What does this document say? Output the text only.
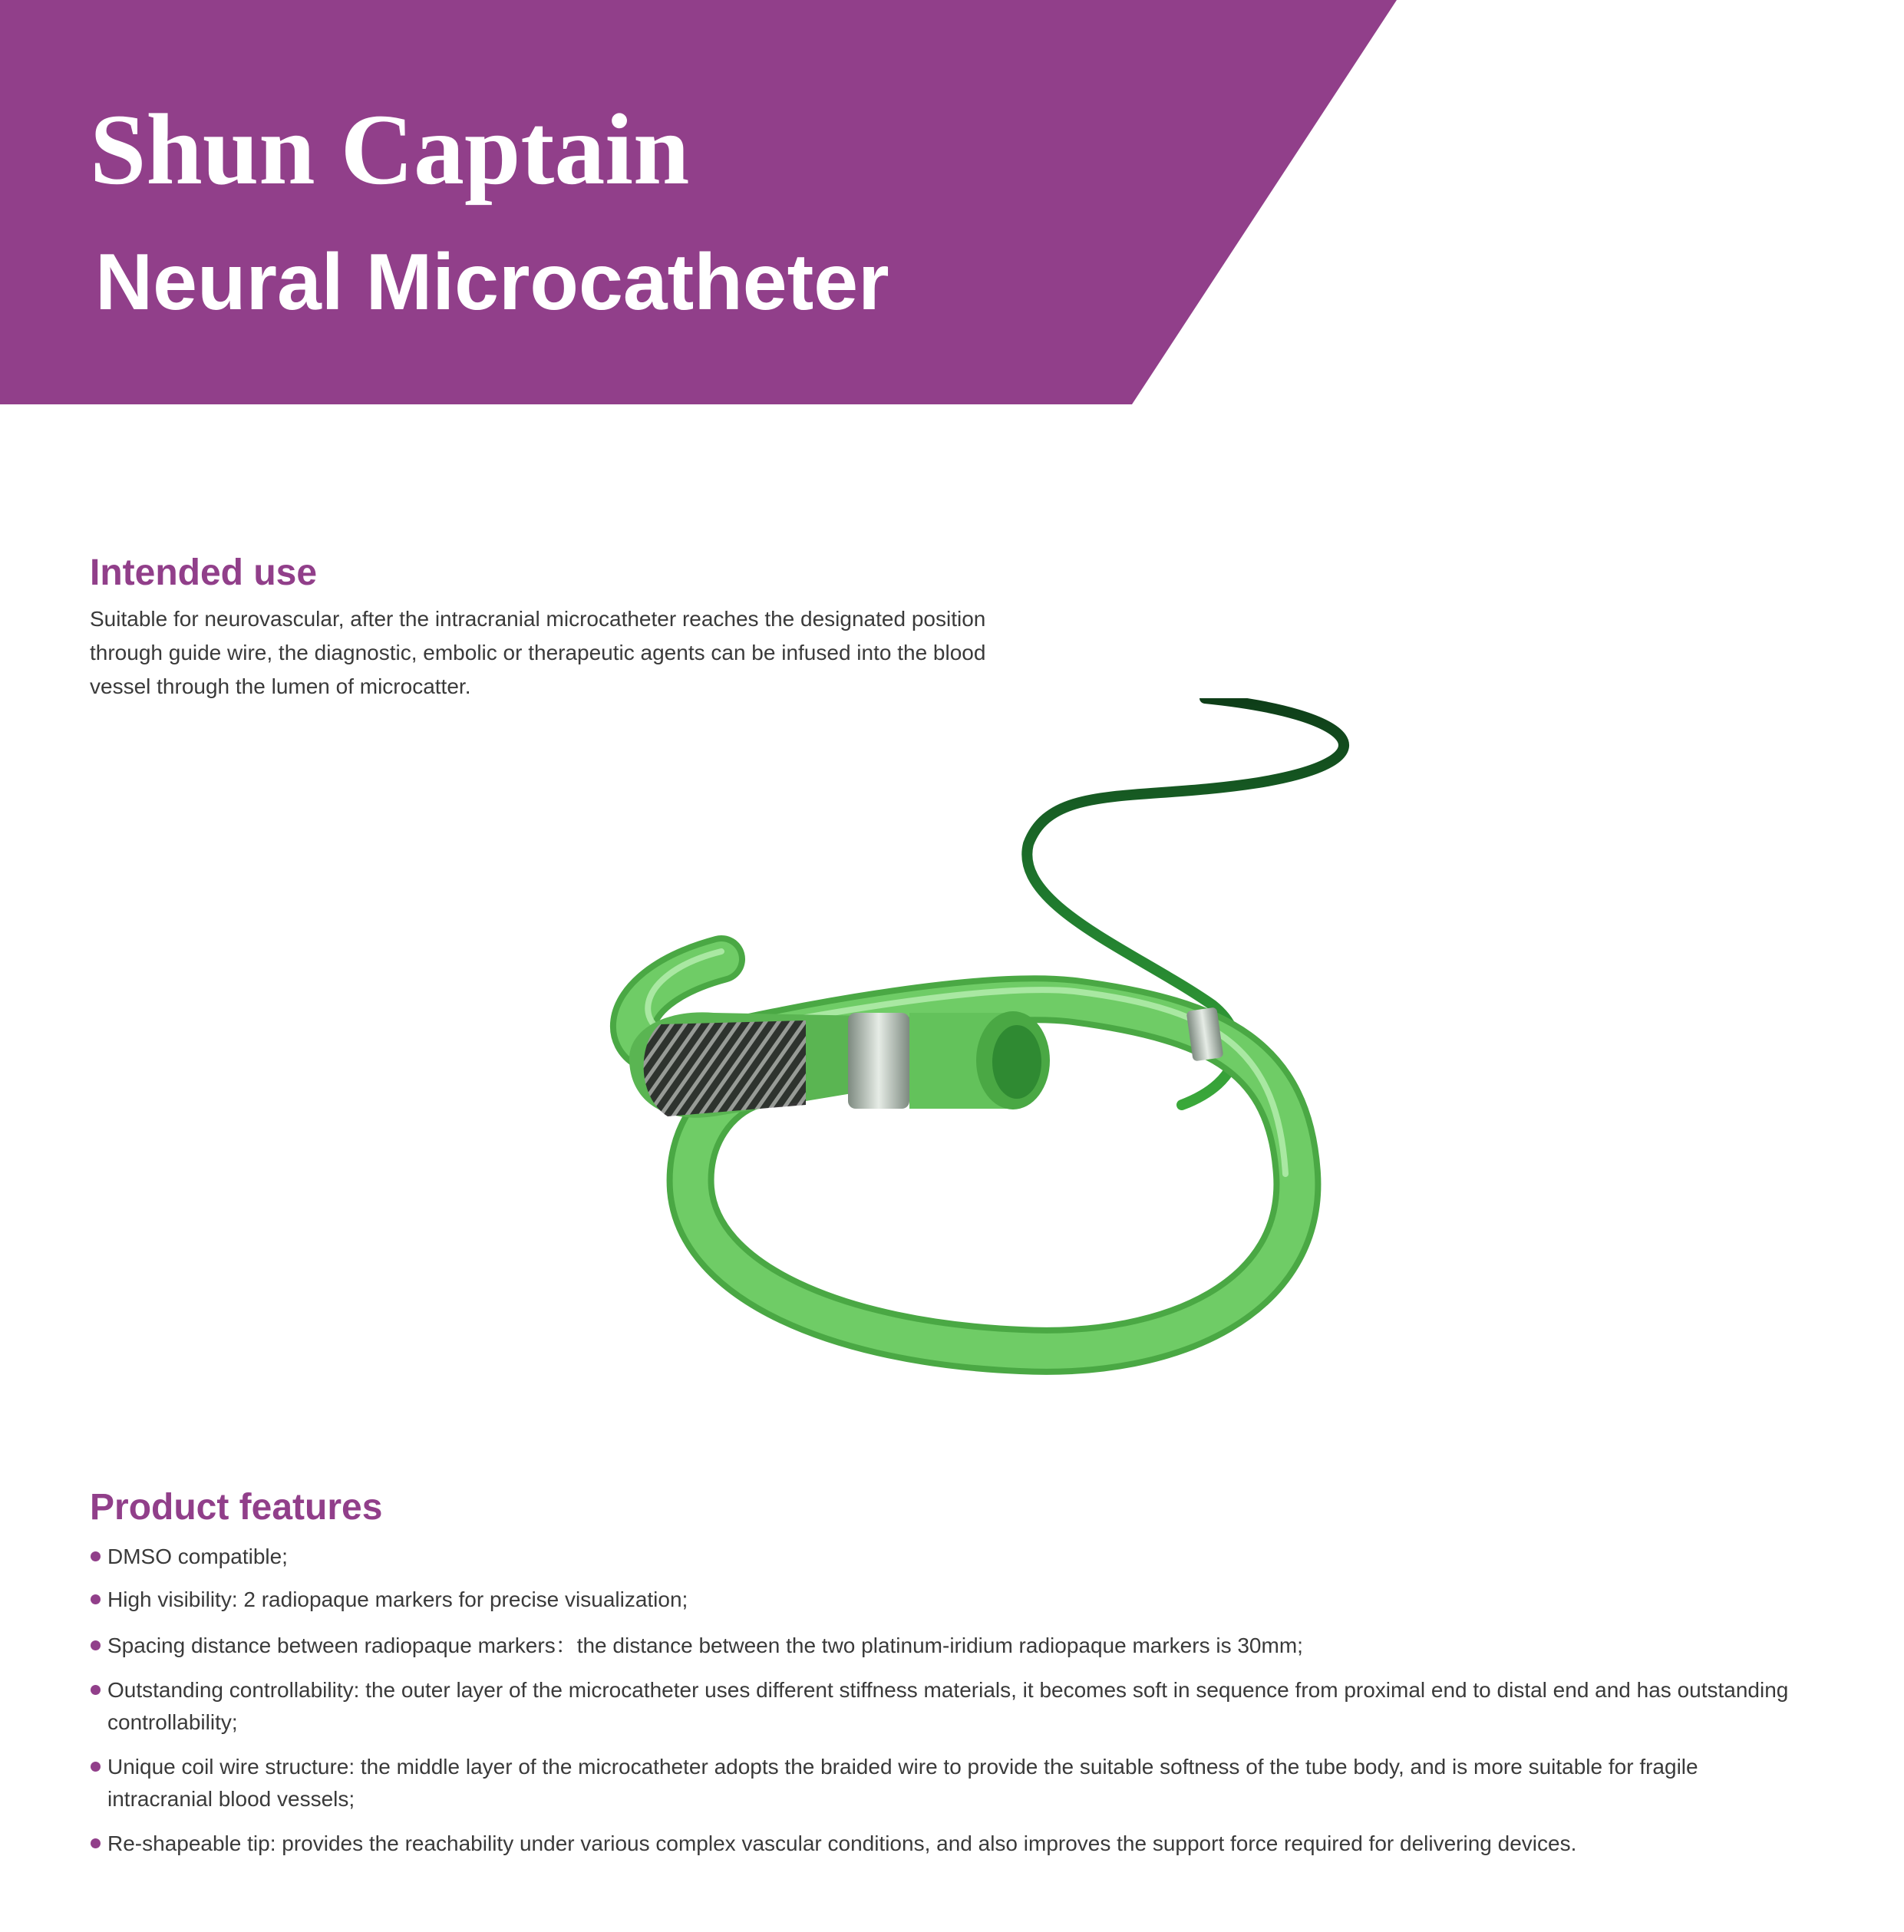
Shun Captain
Neural Microcatheter
Intended use

Suitable for neurovascular, after the intracranial microcatheter reaches the designated position through guide wire, the diagnostic, embolic or therapeutic agents can be infused into the blood vessel through the lumen of microcatter.

Product features
DMSO compatible;
High visibility: 2 radiopaque markers for precise visualization;
Spacing distance between radiopaque markers：the distance between the two platinum-iridium radiopaque markers is 30mm;
Outstanding controllability: the outer layer of the microcatheter uses different stiffness materials, it becomes soft in sequence from proximal end to distal end and has outstanding controllability;
Unique coil wire structure: the middle layer of the microcatheter adopts the braided wire to provide the suitable softness of the tube body, and is more suitable for fragile intracranial blood vessels;
Re-shapeable tip: provides the reachability under various complex vascular conditions, and also improves the support force required for delivering devices.
